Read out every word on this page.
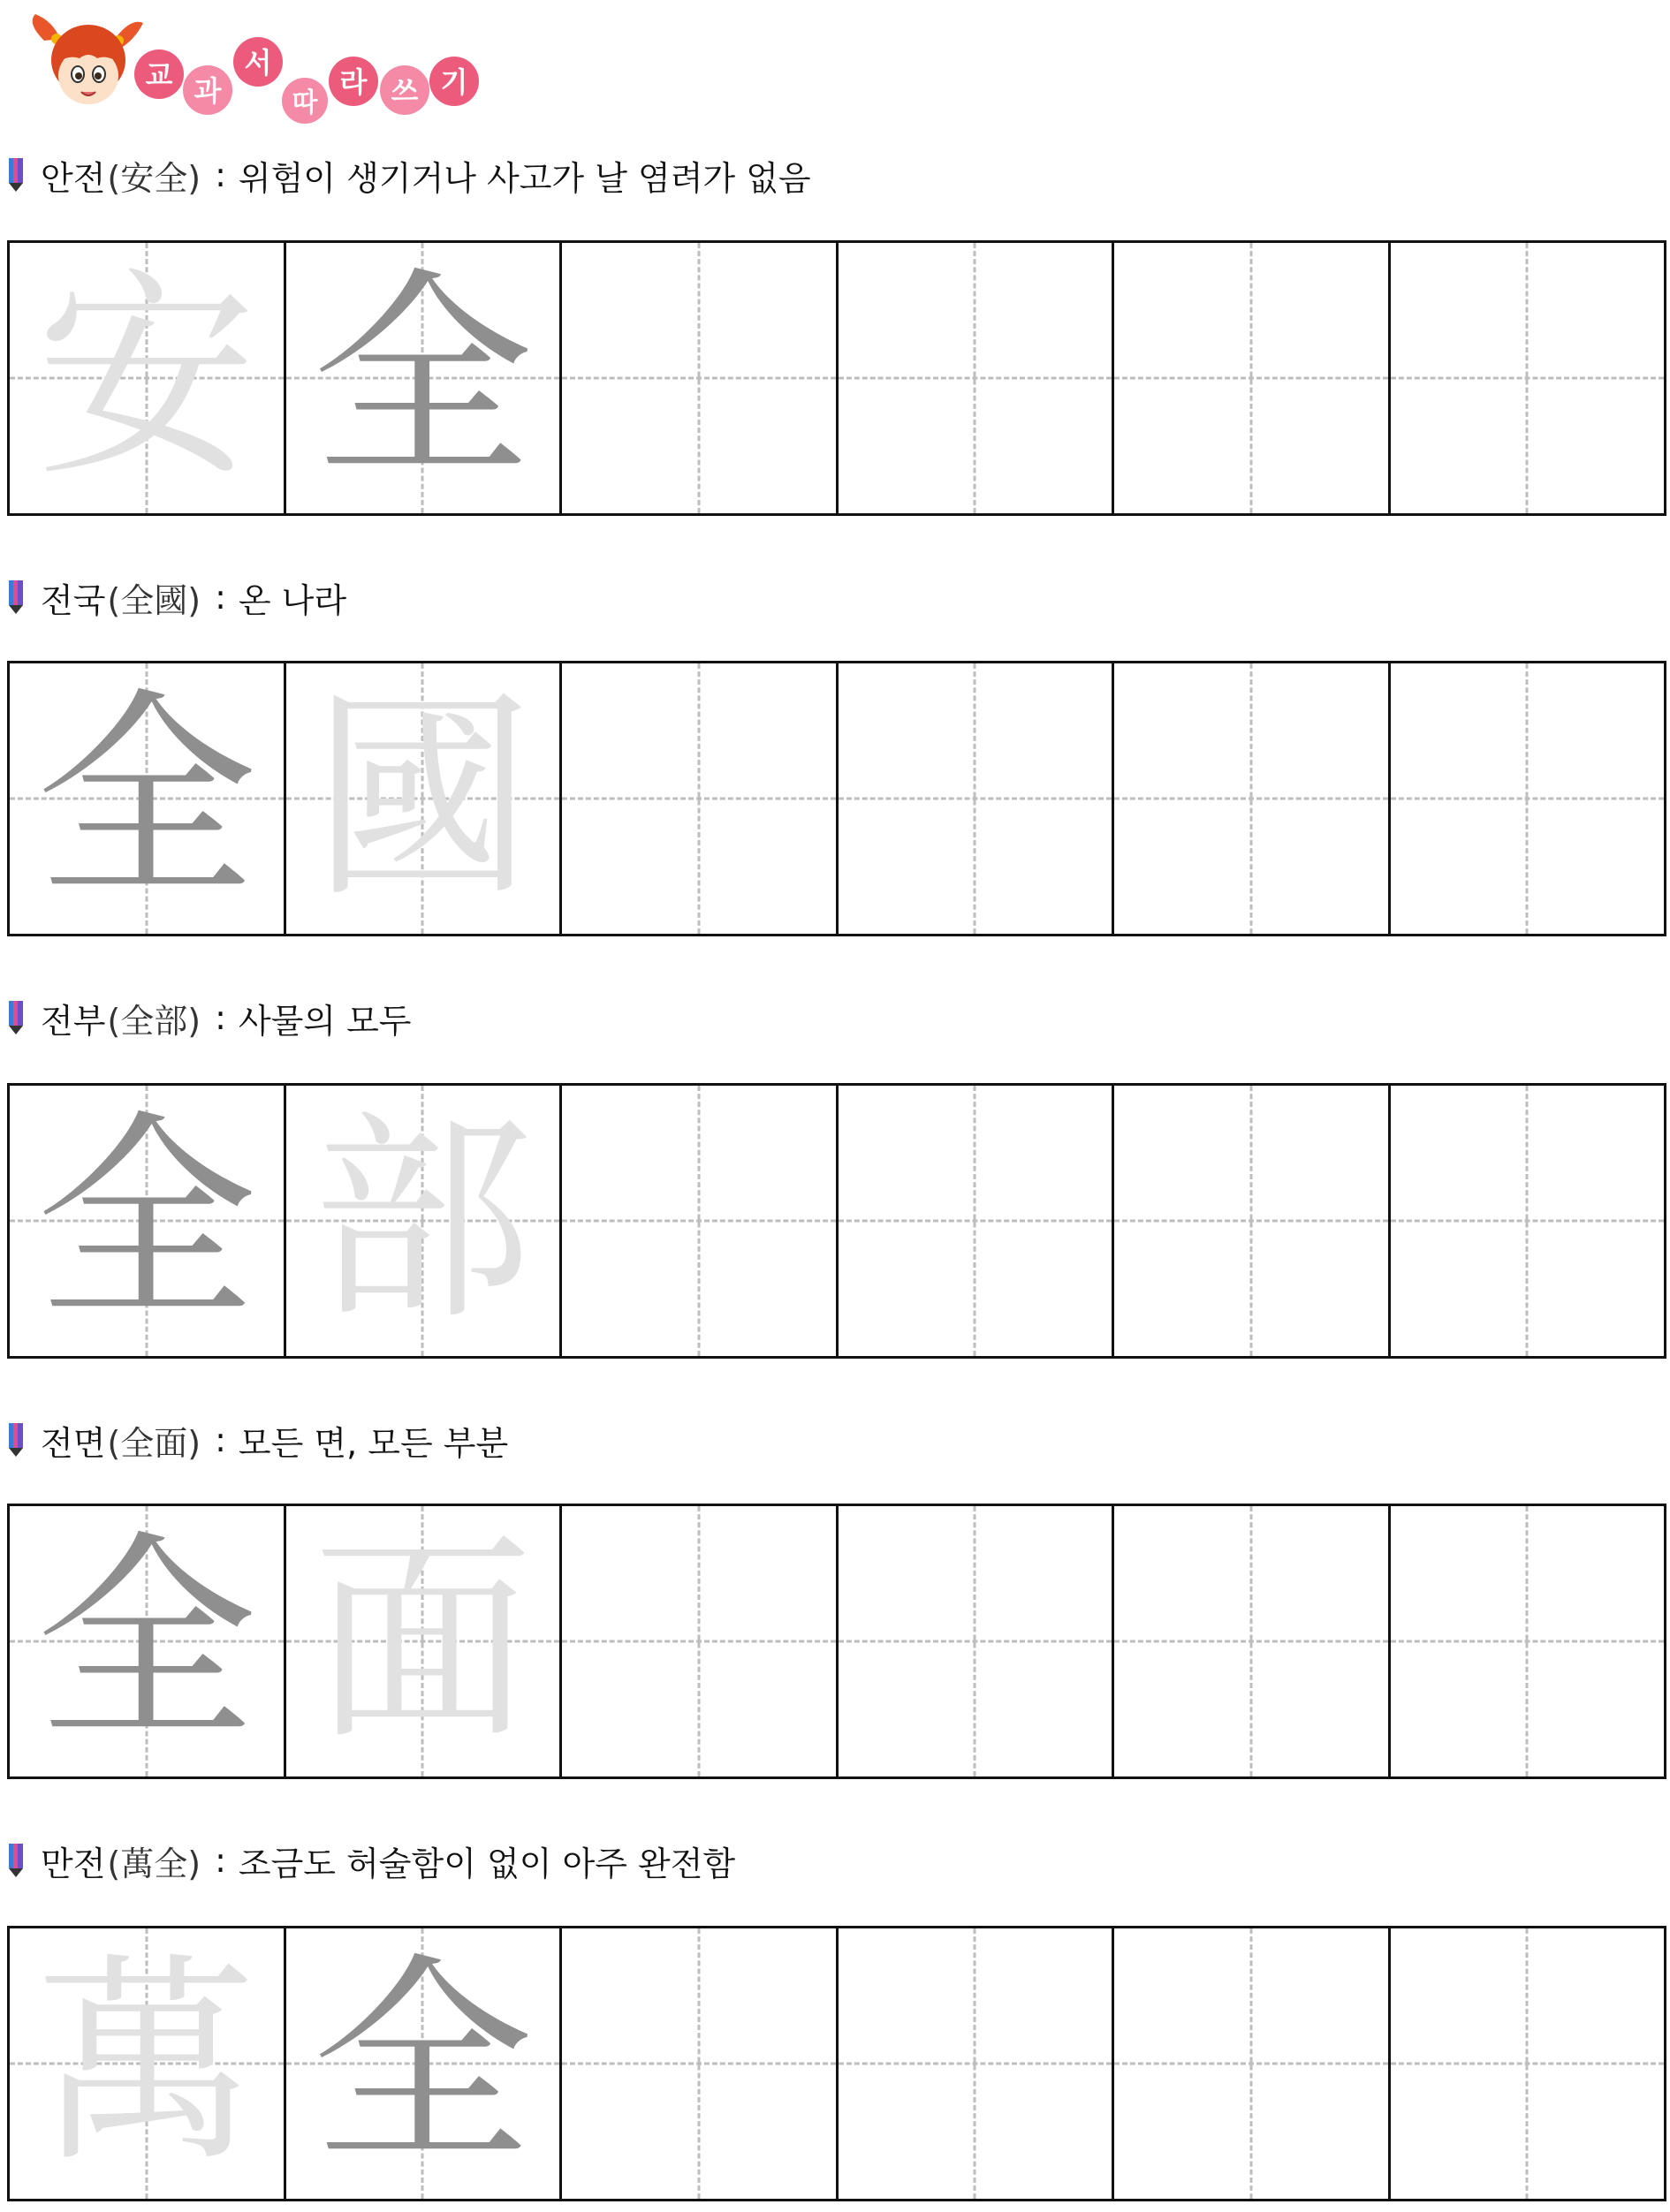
교 과
서
따
라 쓰 기
안전 (安全) : 위험이 생기거나 사고가 날 염려가 없음
安 全
전국 (全國) : 온 나라
全 國
전부 (全部) : 사물의 모두
全 部
전면 (全面) : 모든 면, 모든 부분
全 面
만전 (萬全) : 조금도 허술함이 없이 아주 완전함
萬 全
